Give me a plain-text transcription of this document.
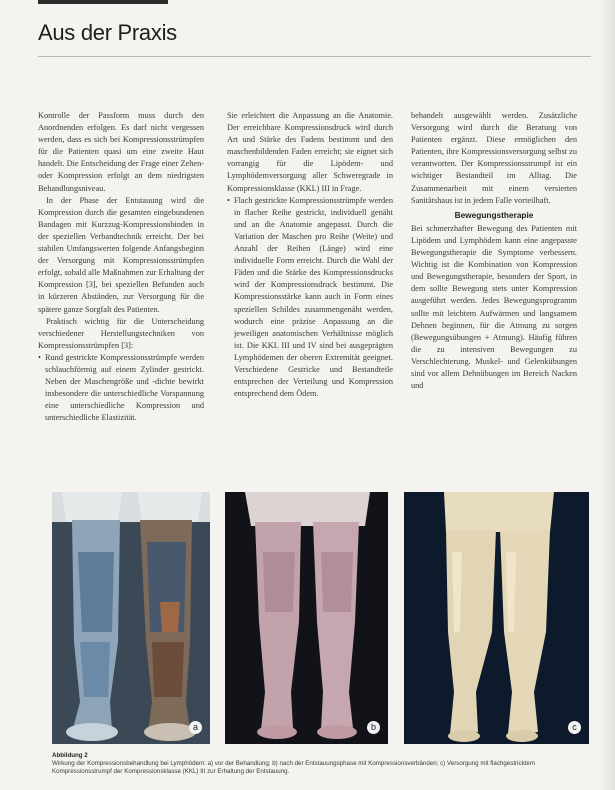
Aus der Praxis

Kontrolle der Passform muss durch den Anordnenden erfolgen. Es darf nicht vergessen werden, dass es sich bei Kompressionsstrümpfen für die Patienten quasi um eine zweite Haut handelt. Die Entscheidung der Frage einer Zehen- oder Kompression erfolgt an dem niedrigsten Behandlungsniveau.

In der Phase der Entstauung wird die Kompression durch die gesamten eingebundenen Bandagen mit Kurzzug-Kompressionsbinden in der speziellen Verbandtechnik erreicht. Der bei stabilen Umfangswerten folgende Anfangsbeginn der Versorgung mit Kompressionsstrümpfen erfolgt, sobald alle Maßnahmen zur Erhaltung der Kompression [3], bei speziellen Befunden auch in kürzeren Abständen, zur Versorgung für die spätere ganze Sorgfalt des Patienten.

Praktisch wichtig für die Unterscheidung verschiedener Herstellungstechniken von Kompressionsstrümpfen [3]:

• Rund gestrickte Kompressionsstrümpfe werden schlauchförmig auf einem Zylinder gestrickt. Neben der Maschengröße und -dichte bewirkt insbesondere die unterschiedliche Vorspannung eine unterschiedliche Kompression und unterschiedliche Elastizität.

Sie erleichtert die Anpassung an die Anatomie. Der erreichbare Kompressionsdruck wird durch Art und Stärke des Fadens bestimmt und den maschenbildenden Faden erreicht; sie eignet sich vorrangig für die Lipödem- und Lymphödemversorgung aller Schweregrade in Kompressionsklasse (KKL) III in Frage.

• Flach gestrickte Kompressionsstrümpfe werden in flacher Reihe gestrickt, individuell genäht und an die Anatomie angepasst. Durch die Variation der Maschen pro Reihe (Weite) und Anzahl der Reihen (Länge) wird eine individuelle Form erreicht. Durch die Wahl der Fäden und die Stärke des Kompressionsdrucks wird der Kompressionsdruck bestimmt. Die Kompressionsstärke kann auch in Form eines speziellen Schildes zusammengenäht werden, wodurch eine präzise Anpassung an die jeweiligen anatomischen Verhältnisse möglich ist. Die KKL III und IV sind bei ausgeprägten Lymphödemen der oberen Extremität geeignet. Verschiedene Gestricke und Bestandteile entsprechen der Verteilung und Kompression entsprechend dem Ödem.

behandelt ausgewählt werden. Zusätzliche Versorgung wird durch die Beratung von Patienten ergänzt. Diese ermöglichen den Patienten, ihre Kompressionsversorgung selbst zu verantworten. Der Kompressionsstrumpf ist ein wichtiger Bestandteil im Alltag. Die Zusammenarbeit mit einem versierten Sanitätshaus ist in jedem Falle vorteilhaft.

Bewegungstherapie

Bei schmerzhafter Bewegung des Patienten mit Lipödem und Lymphödem kann eine angepasste Bewegungstherapie die Symptome verbessern. Wichtig ist die Kombination von Kompression und Bewegungstherapie, besonders der Sport, in dem sollte Bewegung stets unter Kompression ausgeführt werden. Jedes Bewegungsprogramm sollte mit leichtem Aufwärmen und langsamem Dehnen beginnen, für die Atmung zu sorgen (Bewegungsübungen + Atmung). Häufig führen die zu intensiven Bewegungen zu Verschlechterung. Muskel- und Gelenkübungen sind vor allem Dehnübungen im Bereich Nacken und

a	b	c
Abbildung 2
Wirkung der Kompressionsbehandlung bei Lymphödem: a) vor der Behandlung; b) nach der Entstauungsphase mit Kompressionsverbänden; c) Versorgung mit flachgestricktem Kompressionsstrumpf der Kompressionsklasse (KKL) III zur Erhaltung der Entstauung.
